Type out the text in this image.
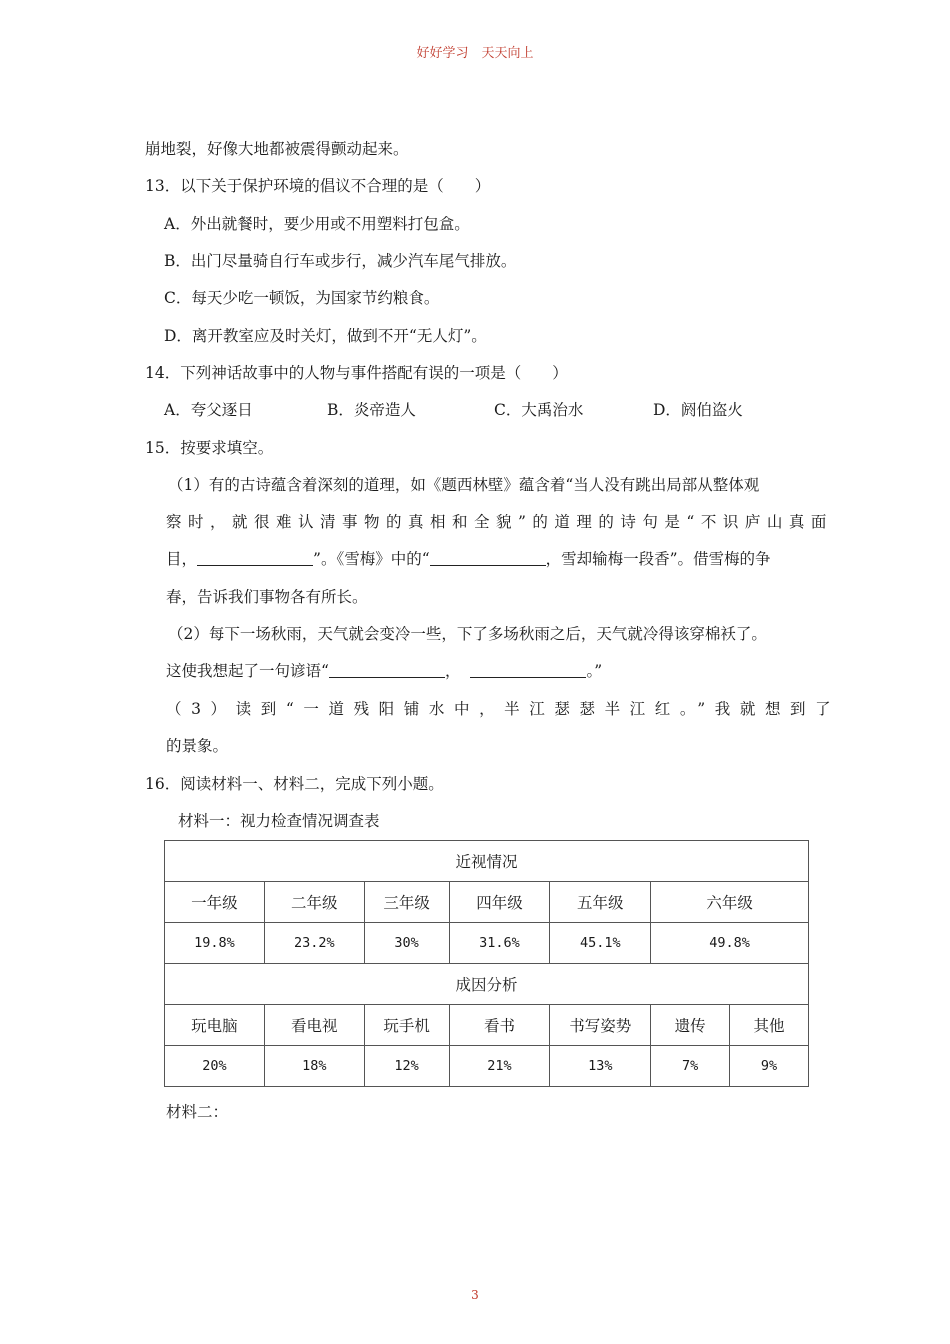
好好学习　天天向上
崩地裂，好像大地都被震得颤动起来。
13．以下关于保护环境的倡议不合理的是（　　）
A．外出就餐时，要少用或不用塑料打包盒。
B．出门尽量骑自行车或步行，减少汽车尾气排放。
C．每天少吃一顿饭，为国家节约粮食。
D．离开教室应及时关灯，做到不开“无人灯”。
14．下列神话故事中的人物与事件搭配有误的一项是（　　）
A．夸父逐日	B．炎帝造人	C．大禹治水	D．阏伯盗火
15．按要求填空。
（1）有的古诗蕴含着深刻的道理，如《题西林壁》蕴含着“当人没有跳出局部从整体观
察时，就很难认清事物的真相和全貌”的道理的诗句是“不识庐山真面
目，	”。《雪梅》中的“	，雪却输梅一段香”。借雪梅的争
春，告诉我们事物各有所长。
（2）每下一场秋雨，天气就会变冷一些，下了多场秋雨之后，天气就冷得该穿棉袄了。
这使我想起了一句谚语“	，	。”
（3）读到“一道残阳铺水中，半江瑟瑟半江红。”我就想到了
的景象。
16．阅读材料一、材料二，完成下列小题。
材料一：视力检查情况调查表
近视情况						
一年级	二年级	三年级	四年级	五年级	六年级	
19.8%	23.2%	30%	31.6%	45.1%	49.8%	
成因分析						
玩电脑	看电视	玩手机	看书	书写姿势	遗传	其他
20%	18%	12%	21%	13%	7%	9%
材料二：
3
